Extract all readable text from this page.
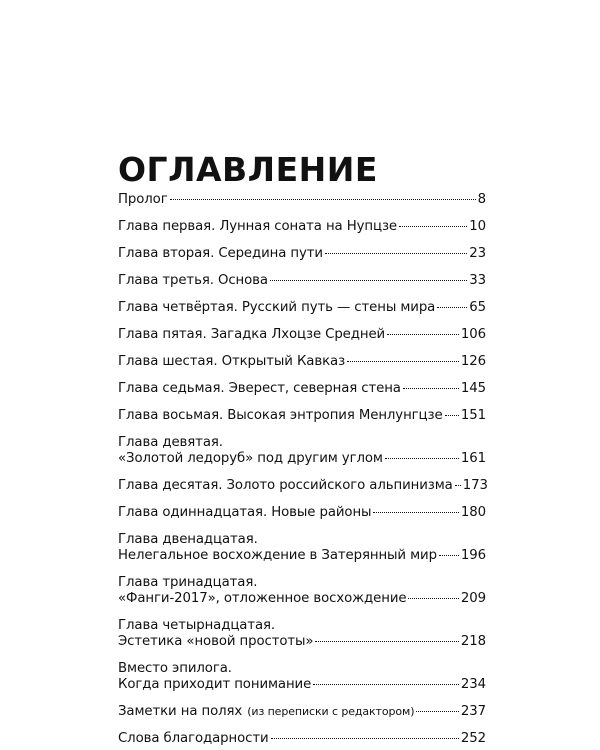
ОГЛАВЛЕНИЕ
Пролог	8
Глава первая. Лунная соната на Нупцзе	10
Глава вторая. Середина пути	23
Глава третья. Основа	33
Глава четвёртая. Русский путь — стены мира	65
Глава пятая. Загадка Лхоцзе Средней	106
Глава шестая. Открытый Кавказ	126
Глава седьмая. Эверест, северная стена	145
Глава восьмая. Высокая энтропия Менлунгцзе 151
Глава девятая.
«Золотой ледоруб» под другим углом	161
Глава десятая. Золото российского альпинизма 173
Глава одиннадцатая. Новые районы	180
Глава двенадцатая.
Нелегальное восхождение в Затерянный мир 196
Глава тринадцатая.
«Фанги-2017», отложенное восхождение	209
Глава четырнадцатая.
Эстетика «новой простоты»	218
Вместо эпилога.
Когда приходит понимание	234
Заметки на полях (из переписки с редактором)	237
Слова благодарности	252
